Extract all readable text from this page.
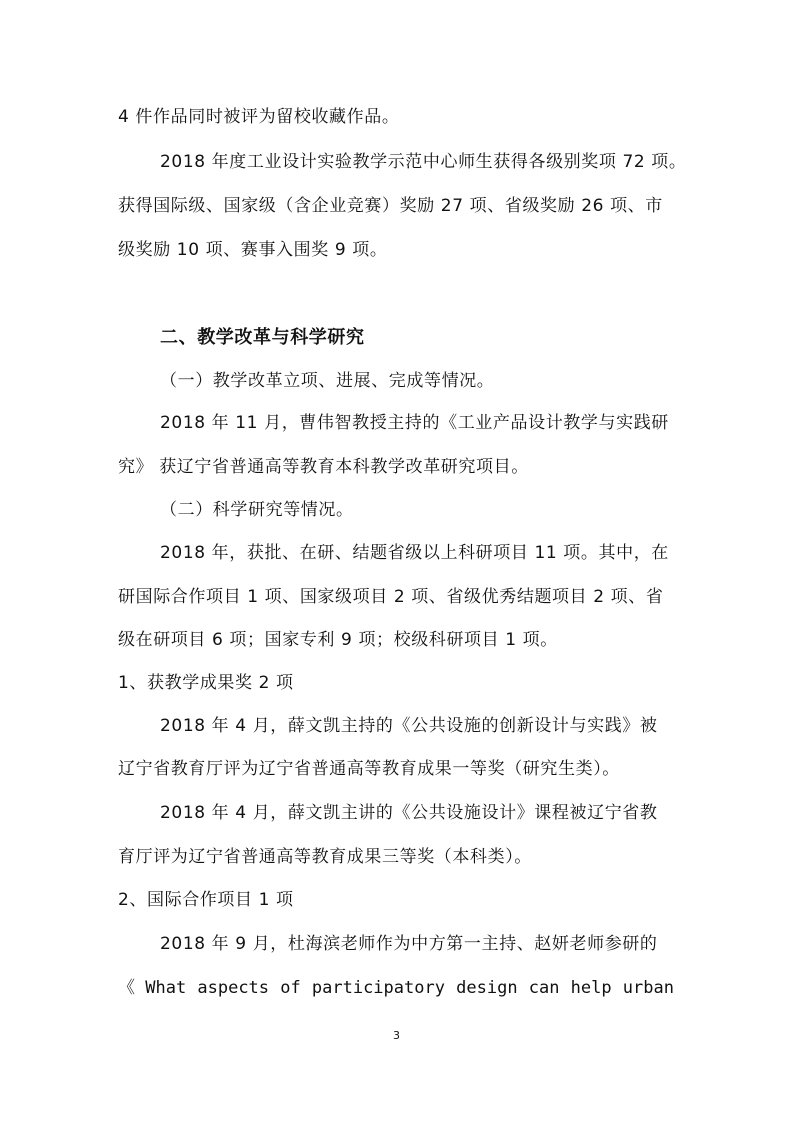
4 件作品同时被评为留校收藏作品。
2018 年度工业设计实验教学示范中心师生获得各级别奖项 72 项。
获得国际级、国家级（含企业竞赛）奖励 27 项、省级奖励 26 项、市
级奖励 10 项、赛事入围奖 9 项。
二、教学改革与科学研究
（一）教学改革立项、进展、完成等情况。
2018 年 11 月，曹伟智教授主持的《工业产品设计教学与实践研
究》 获辽宁省普通高等教育本科教学改革研究项目。
（二）科学研究等情况。
2018 年，获批、在研、结题省级以上科研项目 11 项。其中，在
研国际合作项目 1 项、国家级项目 2 项、省级优秀结题项目 2 项、省
级在研项目 6 项；国家专利 9 项；校级科研项目 1 项。
1、获教学成果奖 2 项
2018 年 4 月，薛文凯主持的《公共设施的创新设计与实践》被
辽宁省教育厅评为辽宁省普通高等教育成果一等奖（研究生类）。
2018 年 4 月，薛文凯主讲的《公共设施设计》课程被辽宁省教
育厅评为辽宁省普通高等教育成果三等奖（本科类）。
2、国际合作项目 1 项
2018 年 9 月，杜海滨老师作为中方第一主持、赵妍老师参研的
《 What aspects of participatory design can help urban
3
